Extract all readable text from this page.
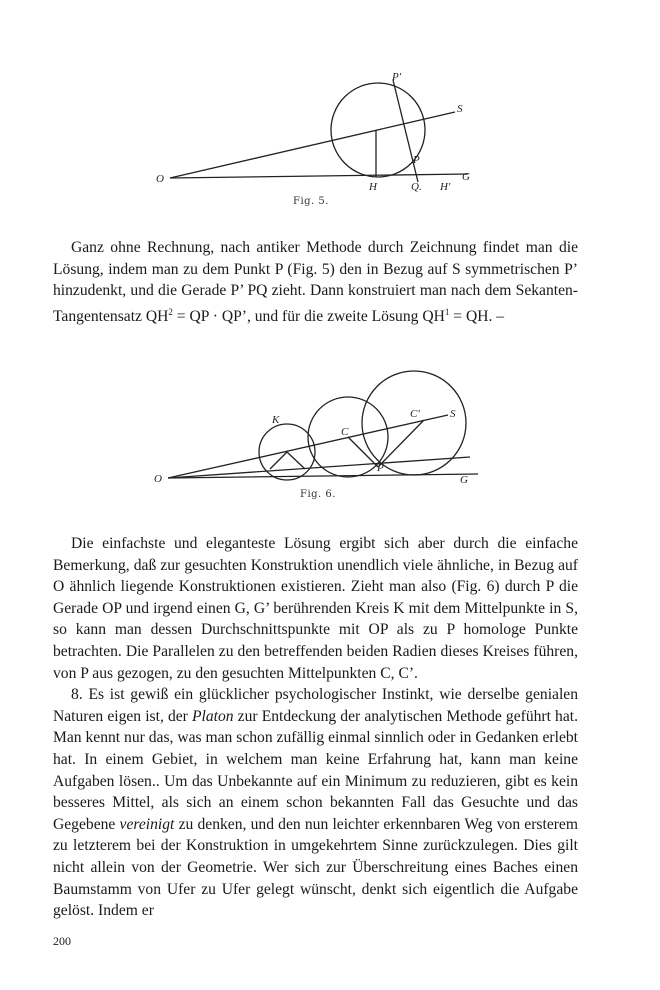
O
S
G
P'
P
H	Q. H'
Fig. 5.

Ganz ohne Rechnung, nach antiker Methode durch Zeichnung findet man die Lösung, indem man zu dem Punkt P (Fig. 5) den in Bezug auf S symmetrischen P’ hinzudenkt, und die Gerade P’ PQ zieht. Dann konstruiert man nach dem Sekanten-Tangentensatz $QH^2$ = QP · QP’, und für die zweite Lösung $QH^1$ = QH. –

O
S
G
K
C
C'
P
Fig. 6.

Die einfachste und eleganteste Lösung ergibt sich aber durch die einfache Bemerkung, daß zur gesuchten Konstruktion unendlich viele ähnliche, in Bezug auf O ähnlich liegende Konstruktionen existieren. Zieht man also (Fig. 6) durch P die Gerade OP und irgend einen G, G’ berührenden Kreis K mit dem Mittelpunkte in S, so kann man dessen Durchschnittspunkte mit OP als zu P homologe Punkte betrachten. Die Parallelen zu den betreffenden beiden Radien dieses Kreises führen, von P aus gezogen, zu den gesuchten Mittelpunkten C, C’.

8. Es ist gewiß ein glücklicher psychologischer Instinkt, wie derselbe genialen Naturen eigen ist, der Platon zur Entdeckung der analytischen Methode geführt hat. Man kennt nur das, was man schon zufällig einmal sinnlich oder in Gedanken erlebt hat. In einem Gebiet, in welchem man keine Erfahrung hat, kann man keine Aufgaben lösen.. Um das Unbekannte auf ein Minimum zu reduzieren, gibt es kein besseres Mittel, als sich an einem schon bekannten Fall das Gesuchte und das Gegebene vereinigt zu denken, und den nun leichter erkennbaren Weg von ersterem zu letzterem bei der Konstruktion in umgekehrtem Sinne zurückzulegen. Dies gilt nicht allein von der Geometrie. Wer sich zur Überschreitung eines Baches einen Baumstamm von Ufer zu Ufer gelegt wünscht, denkt sich eigentlich die Aufgabe gelöst. Indem er

200
